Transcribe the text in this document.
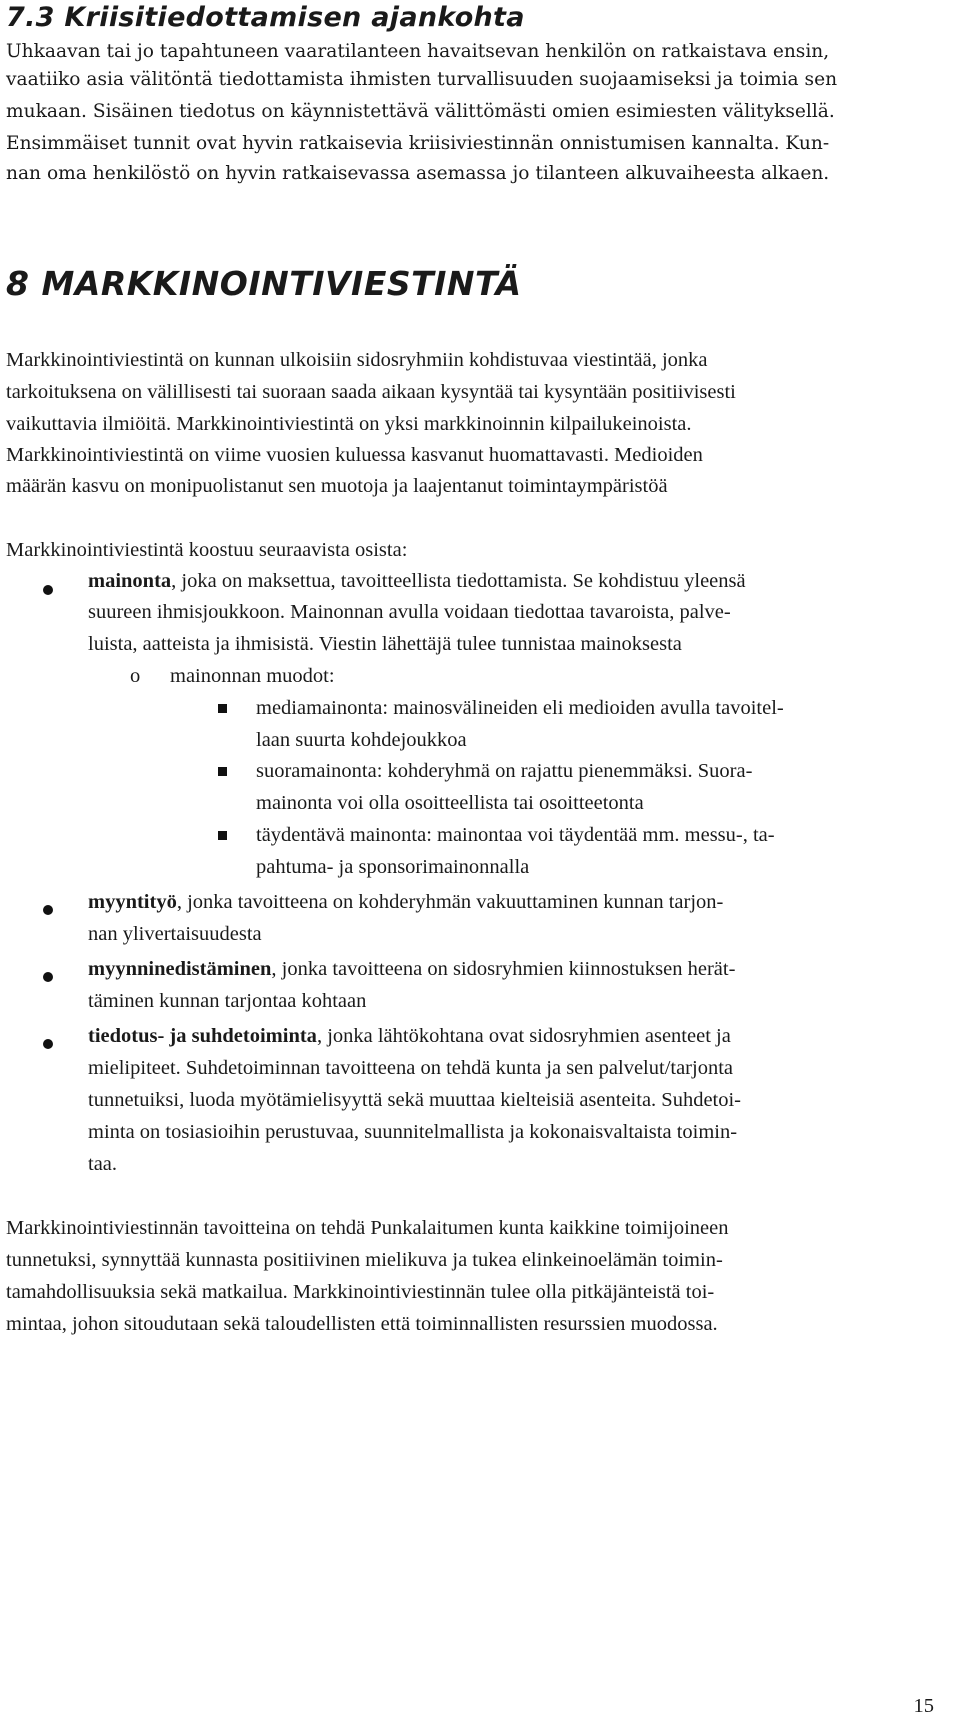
7.3 Kriisitiedottamisen ajankohta

Uhkaavan tai jo tapahtuneen vaaratilanteen havaitsevan henkilön on ratkaistava ensin,

vaatiiko asia välitöntä tiedottamista ihmisten turvallisuuden suojaamiseksi ja toimia sen

mukaan. Sisäinen tiedotus on käynnistettävä välittömästi omien esimiesten välityksellä.

Ensimmäiset tunnit ovat hyvin ratkaisevia kriisiviestinnän onnistumisen kannalta. Kun-

nan oma henkilöstö on hyvin ratkaisevassa asemassa jo tilanteen alkuvaiheesta alkaen.

8 MARKKINOINTIVIESTINTÄ

Markkinointiviestintä on kunnan ulkoisiin sidosryhmiin kohdistuvaa viestintää, jonka

tarkoituksena on välillisesti tai suoraan saada aikaan kysyntää tai kysyntään positiivisesti

vaikuttavia ilmiöitä. Markkinointiviestintä on yksi markkinoinnin kilpailukeinoista.

Markkinointiviestintä on viime vuosien kuluessa kasvanut huomattavasti. Medioiden

määrän kasvu on monipuolistanut sen muotoja ja laajentanut toimintaympäristöä

Markkinointiviestintä koostuu seuraavista osista:

mainonta, joka on maksettua, tavoitteellista tiedottamista. Se kohdistuu yleensä

suureen ihmisjoukkoon. Mainonnan avulla voidaan tiedottaa tavaroista, palve-

luista, aatteista ja ihmisistä. Viestin lähettäjä tulee tunnistaa mainoksesta

o mainonnan muodot:

mediamainonta: mainosvälineiden eli medioiden avulla tavoitel-

laan suurta kohdejoukkoa

suoramainonta: kohderyhmä on rajattu pienemmäksi. Suora-

mainonta voi olla osoitteellista tai osoitteetonta

täydentävä mainonta: mainontaa voi täydentää mm. messu-, ta-

pahtuma- ja sponsorimainonnalla

myyntityö, jonka tavoitteena on kohderyhmän vakuuttaminen kunnan tarjon-

nan ylivertaisuudesta

myynninedistäminen, jonka tavoitteena on sidosryhmien kiinnostuksen herät-

täminen kunnan tarjontaa kohtaan

tiedotus- ja suhdetoiminta, jonka lähtökohtana ovat sidosryhmien asenteet ja

mielipiteet. Suhdetoiminnan tavoitteena on tehdä kunta ja sen palvelut/tarjonta

tunnetuiksi, luoda myötämielisyyttä sekä muuttaa kielteisiä asenteita. Suhdetoi-

minta on tosiasioihin perustuvaa, suunnitelmallista ja kokonaisvaltaista toimin-

taa.

Markkinointiviestinnän tavoitteina on tehdä Punkalaitumen kunta kaikkine toimijoineen

tunnetuksi, synnyttää kunnasta positiivinen mielikuva ja tukea elinkeinoelämän toimin-

tamahdollisuuksia sekä matkailua. Markkinointiviestinnän tulee olla pitkäjänteistä toi-

mintaa, johon sitoudutaan sekä taloudellisten että toiminnallisten resurssien muodossa.

15
